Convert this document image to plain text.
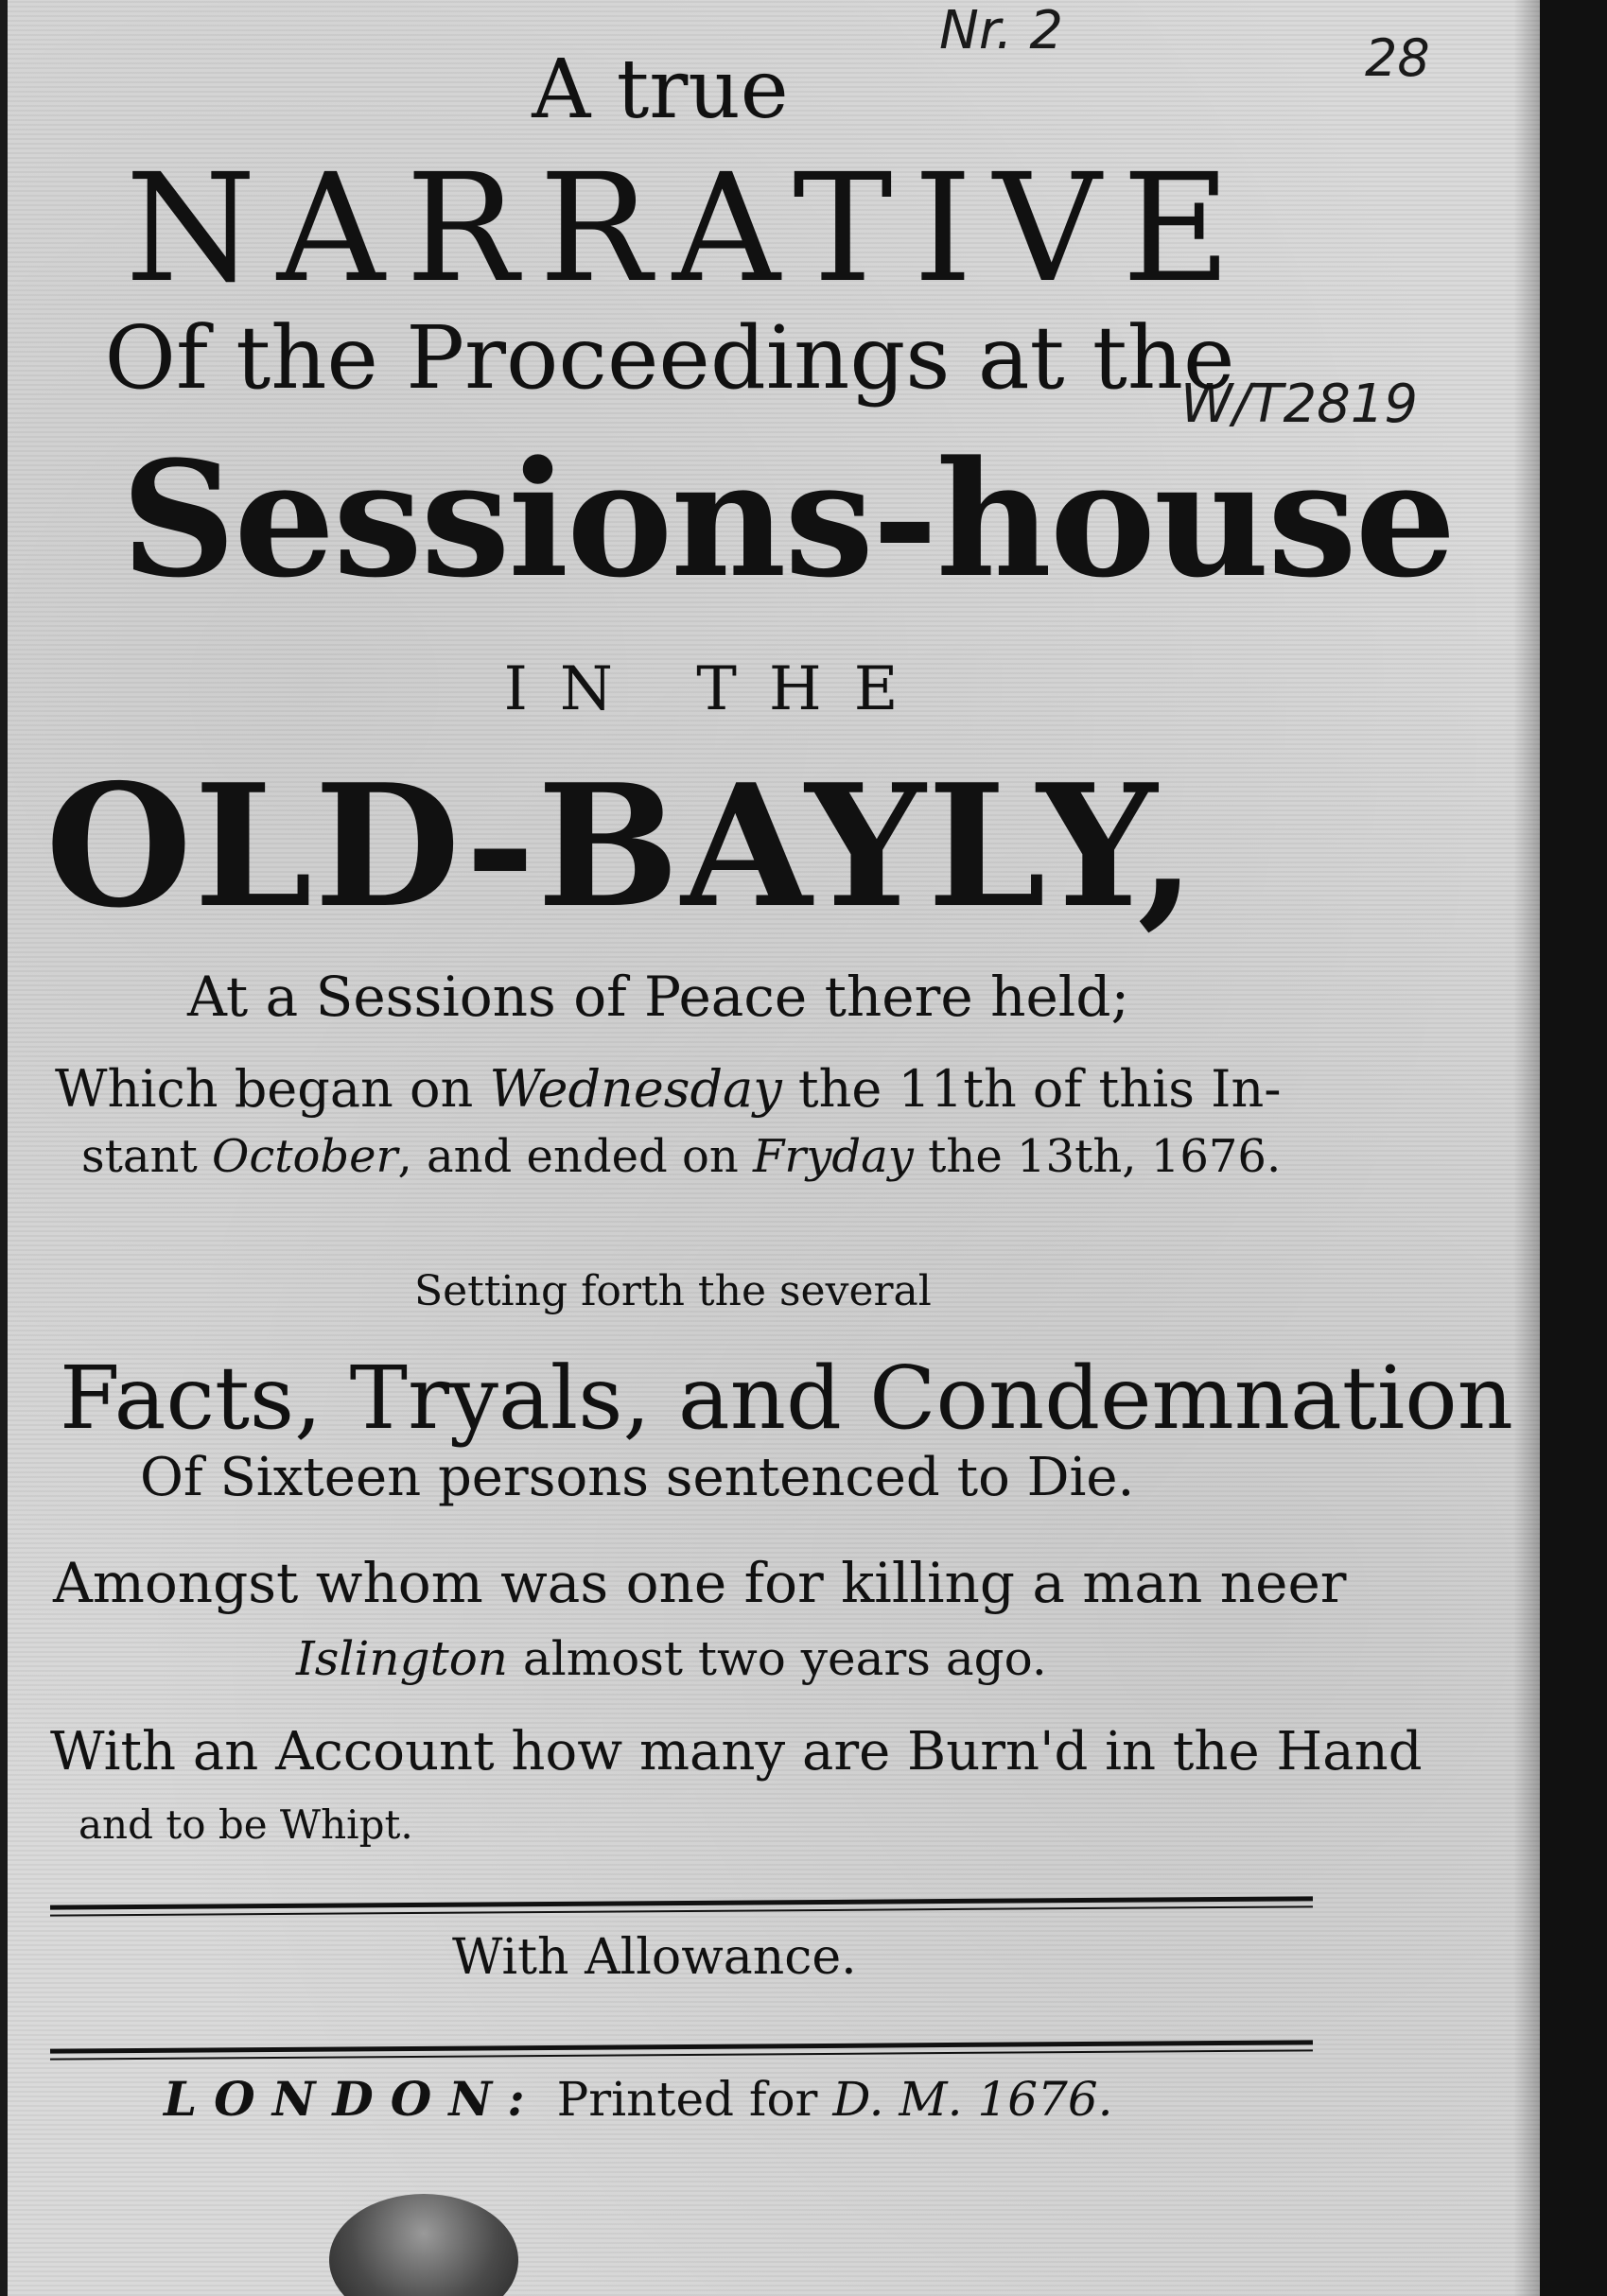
Nr. 2	28
W/T2819
A true
NARRATIVE
Of the Proceedings at the
Sessions-house
IN THE
OLD-BAYLY,
At a Sessions of Peace there held;
Which began on Wednesday the 11th of this In-
stant October, and ended on Fryday the 13th, 1676.
Setting forth the several
Facts, Tryals, and Condemnation
Of Sixteen persons sentenced to Die.
Amongst whom was one for killing a man neer
Islington almost two years ago.
With an Account how many are Burn'd in the Hand
and to be Whipt.
With Allowance.
LONDON: Printed for D. M. 1676.
